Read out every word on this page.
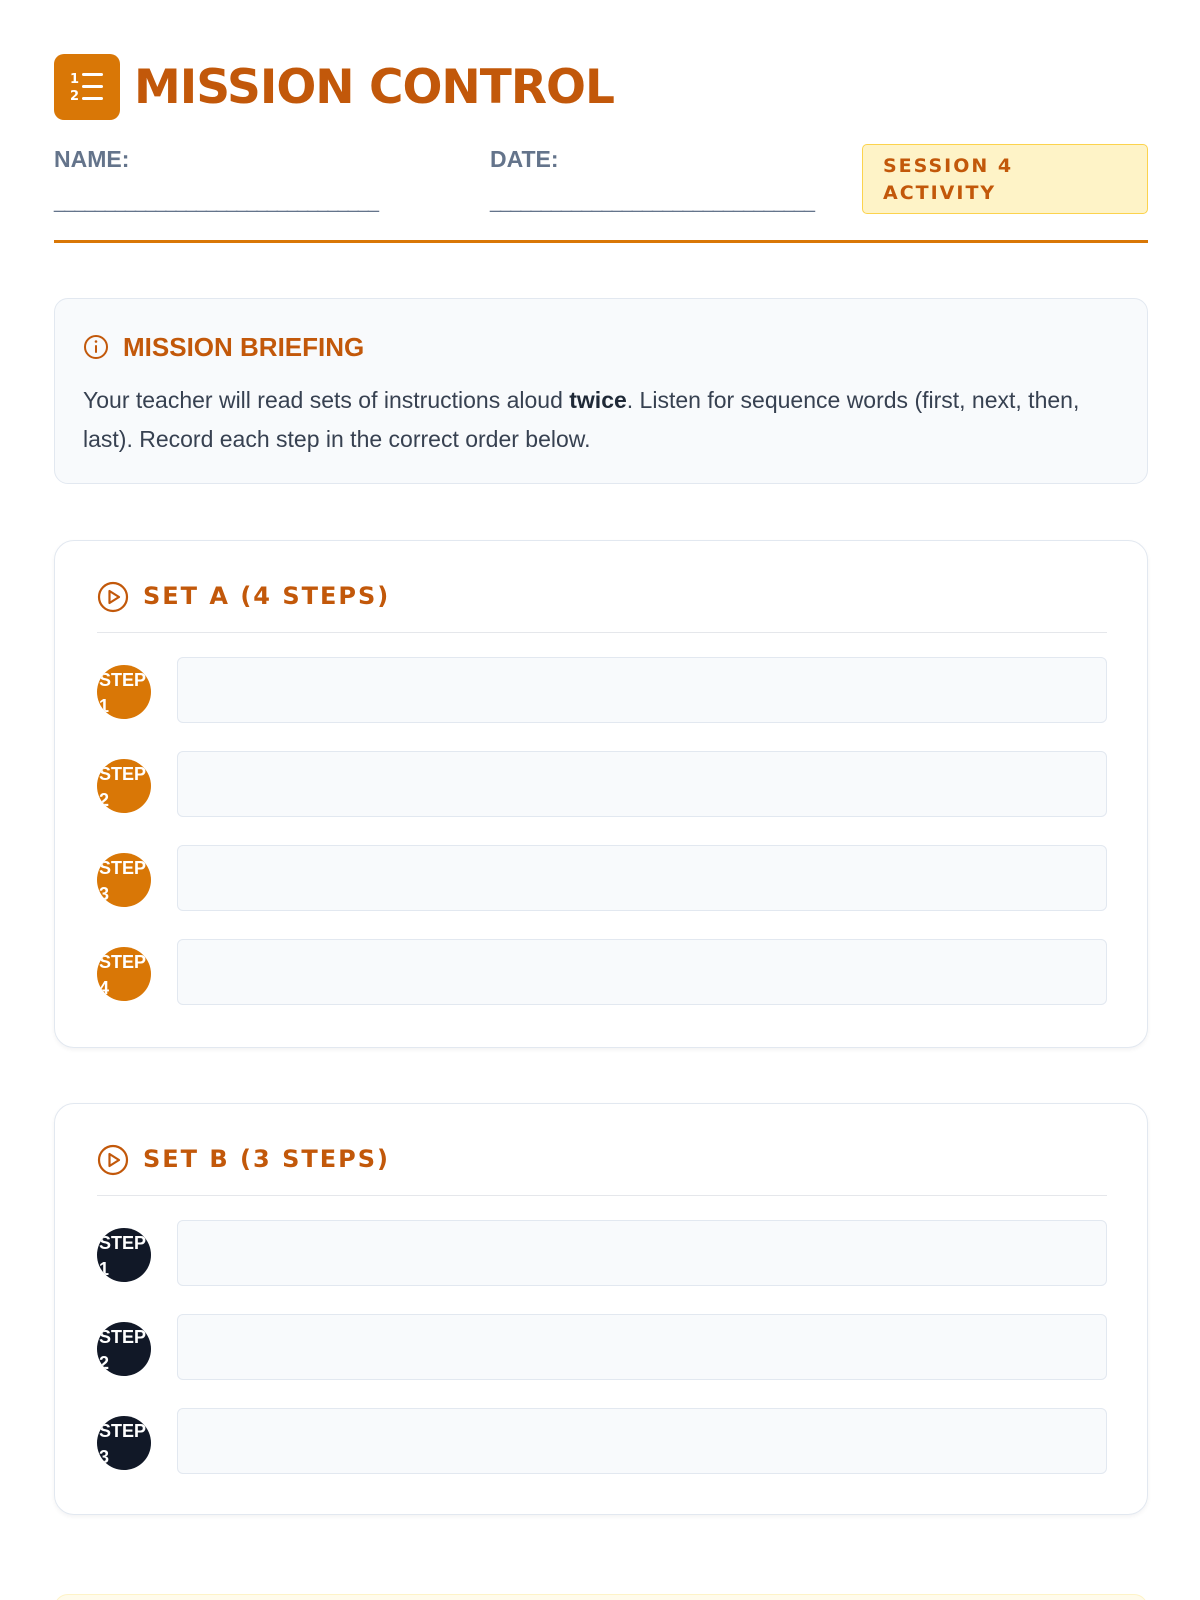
1
2 MISSION CONTROL
NAME:
________________________________
DATE:
________________________________
SESSION 4 ACTIVITY
MISSION BRIEFING

Your teacher will read sets of instructions aloud twice. Listen for sequence words (first, next, then, last). Record each step in the correct order below.

SET A (4 STEPS)
STEP 1
STEP 2
STEP 3
STEP 4
SET B (3 STEPS)
STEP 1
STEP 2
STEP 3
